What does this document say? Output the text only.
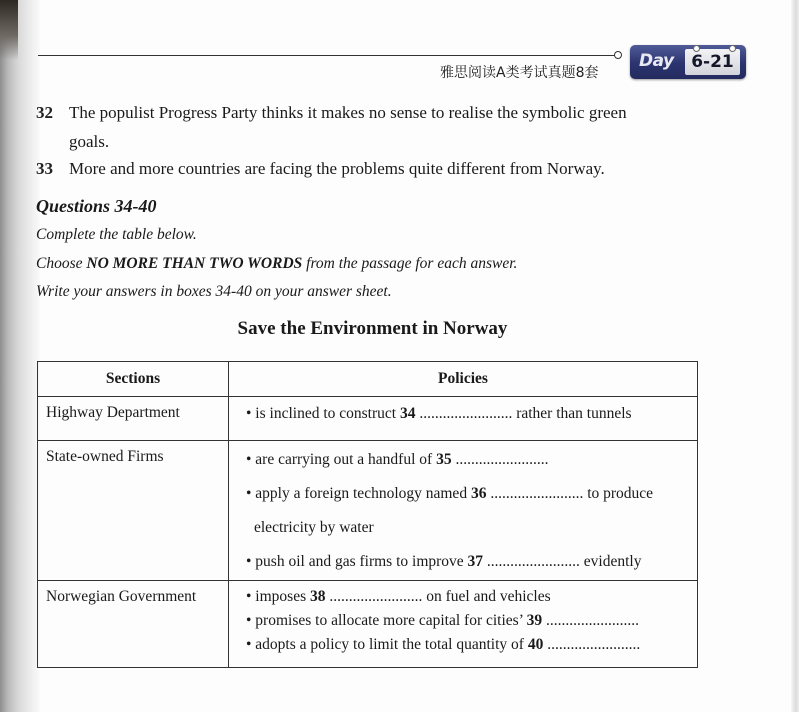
雅思阅读A类考试真题8套
Day	6-21
32 The populist Progress Party thinks it makes no sense to realise the symbolic green
goals.
33 More and more countries are facing the problems quite different from Norway.
Questions 34-40
Complete the table below.
Choose NO MORE THAN TWO WORDS from the passage for each answer.
Write your answers in boxes 34-40 on your answer sheet.
Save the Environment in Norway
Sections	Policies
Highway Department	• is inclined to construct 34 ........................ rather than tunnels

State-owned Firms	• are carrying out a handful of 35 ........................
• apply a foreign technology named 36 ........................ to produce
electricity by water
• push oil and gas firms to improve 37 ........................ evidently

Norwegian Government	• imposes 38 ........................ on fuel and vehicles
• promises to allocate more capital for cities’ 39 ........................
• adopts a policy to limit the total quantity of 40 ........................
